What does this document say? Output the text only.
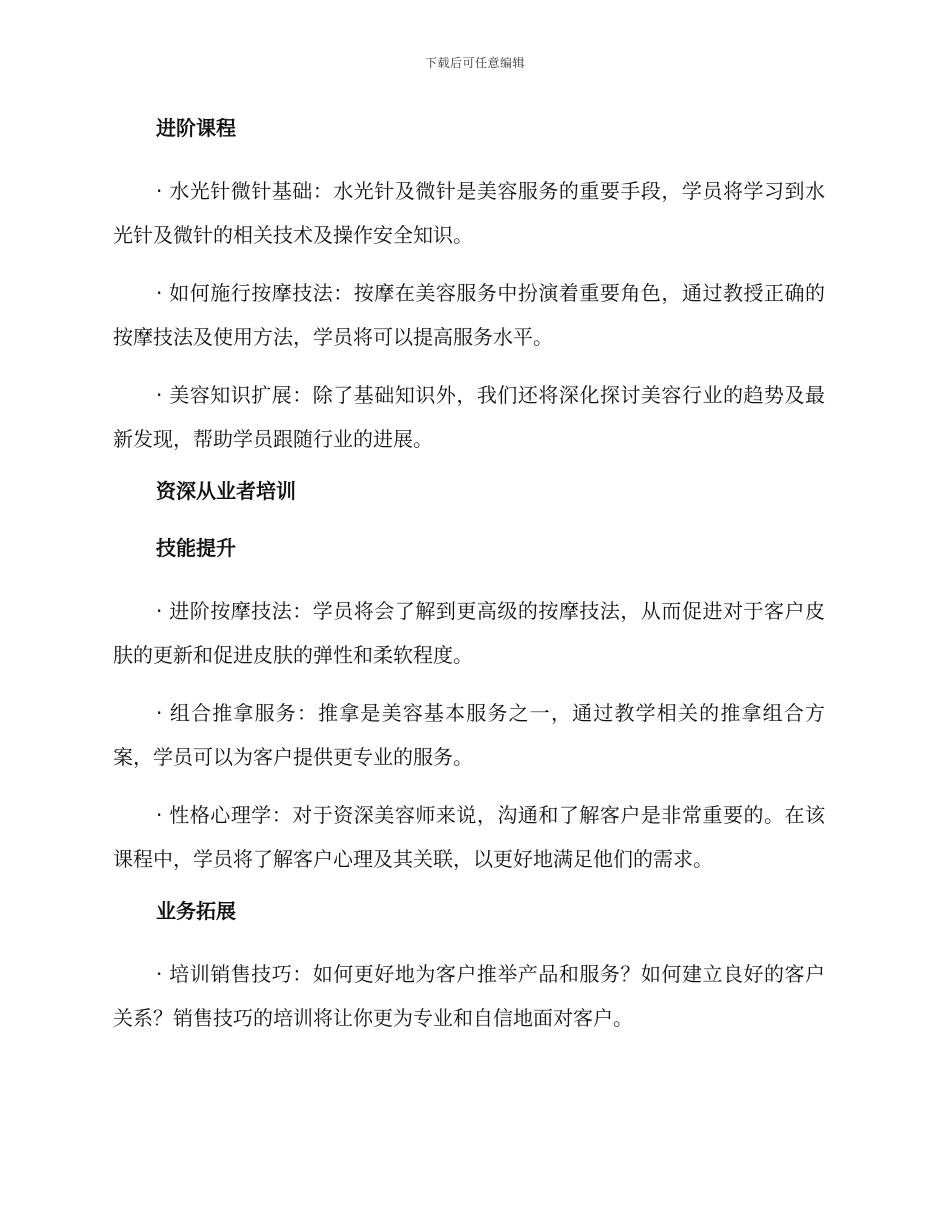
下载后可任意编辑
进阶课程

· 水光针微针基础：水光针及微针是美容服务的重要手段，学员将学习到水光针及微针的相关技术及操作安全知识。

· 如何施行按摩技法：按摩在美容服务中扮演着重要角色，通过教授正确的按摩技法及使用方法，学员将可以提高服务水平。

· 美容知识扩展：除了基础知识外，我们还将深化探讨美容行业的趋势及最新发现，帮助学员跟随行业的进展。

资深从业者培训
技能提升

· 进阶按摩技法：学员将会了解到更高级的按摩技法，从而促进对于客户皮肤的更新和促进皮肤的弹性和柔软程度。

· 组合推拿服务：推拿是美容基本服务之一，通过教学相关的推拿组合方案，学员可以为客户提供更专业的服务。

· 性格心理学：对于资深美容师来说，沟通和了解客户是非常重要的。在该课程中，学员将了解客户心理及其关联，以更好地满足他们的需求。

业务拓展

· 培训销售技巧：如何更好地为客户推举产品和服务？如何建立良好的客户关系？销售技巧的培训将让你更为专业和自信地面对客户。
